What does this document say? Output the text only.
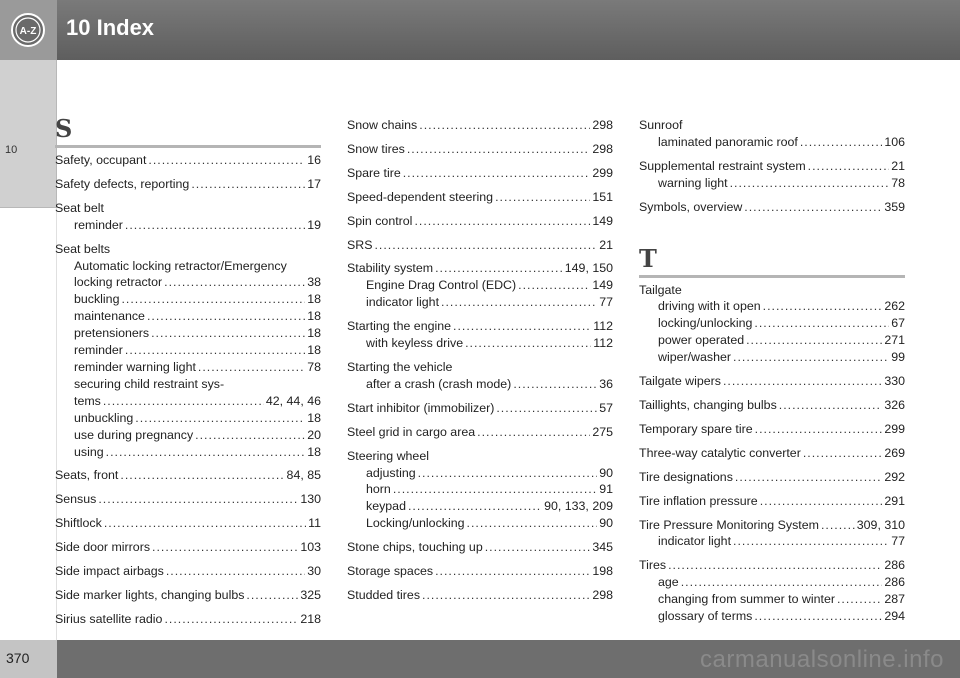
A-Z 10 Index
10
S
Safety, occupant .....	16
Safety defects, reporting .....	17
Seat belt
reminder .....	19
Seat belts
Automatic locking retractor/Emergency
locking retractor .....	38
buckling .....	18
maintenance .....	18
pretensioners .....	18
reminder .....	18
reminder warning light .....	78
securing child restraint sys-
tems .....	42, 44, 46
unbuckling .....	18
use during pregnancy .....	20
using .....	18
Seats, front .....	84, 85
Sensus .....	130
Shiftlock .....	11
Side door mirrors .....	103
Side impact airbags .....	30
Side marker lights, changing bulbs .....	325
Sirius satellite radio .....	218
Snow chains .....	298
Snow tires .....	298
Spare tire .....	299
Speed-dependent steering .....	151
Spin control .....	149
SRS .....	21
Stability system .....	149, 150
Engine Drag Control (EDC) .....	149
indicator light .....	77
Starting the engine .....	112
with keyless drive .....	112
Starting the vehicle
after a crash (crash mode) .....	36
Start inhibitor (immobilizer) .....	57
Steel grid in cargo area .....	275
Steering wheel
adjusting .....	90
horn .....	91
keypad .....	90, 133, 209
Locking/unlocking .....	90
Stone chips, touching up .....	345
Storage spaces .....	198
Studded tires .....	298
Sunroof
laminated panoramic roof .....	106
Supplemental restraint system .....	21
warning light .....	78
Symbols, overview .....	359
T
Tailgate
driving with it open .....	262
locking/unlocking .....	67
power operated .....	271
wiper/washer .....	99
Tailgate wipers .....	330
Taillights, changing bulbs .....	326
Temporary spare tire .....	299
Three-way catalytic converter .....	269
Tire designations .....	292
Tire inflation pressure .....	291
Tire Pressure Monitoring System .....	309, 310
indicator light .....	77
Tires .....	286
age .....	286
changing from summer to winter .....	287
glossary of terms .....	294
370	carmanualsonline.info
